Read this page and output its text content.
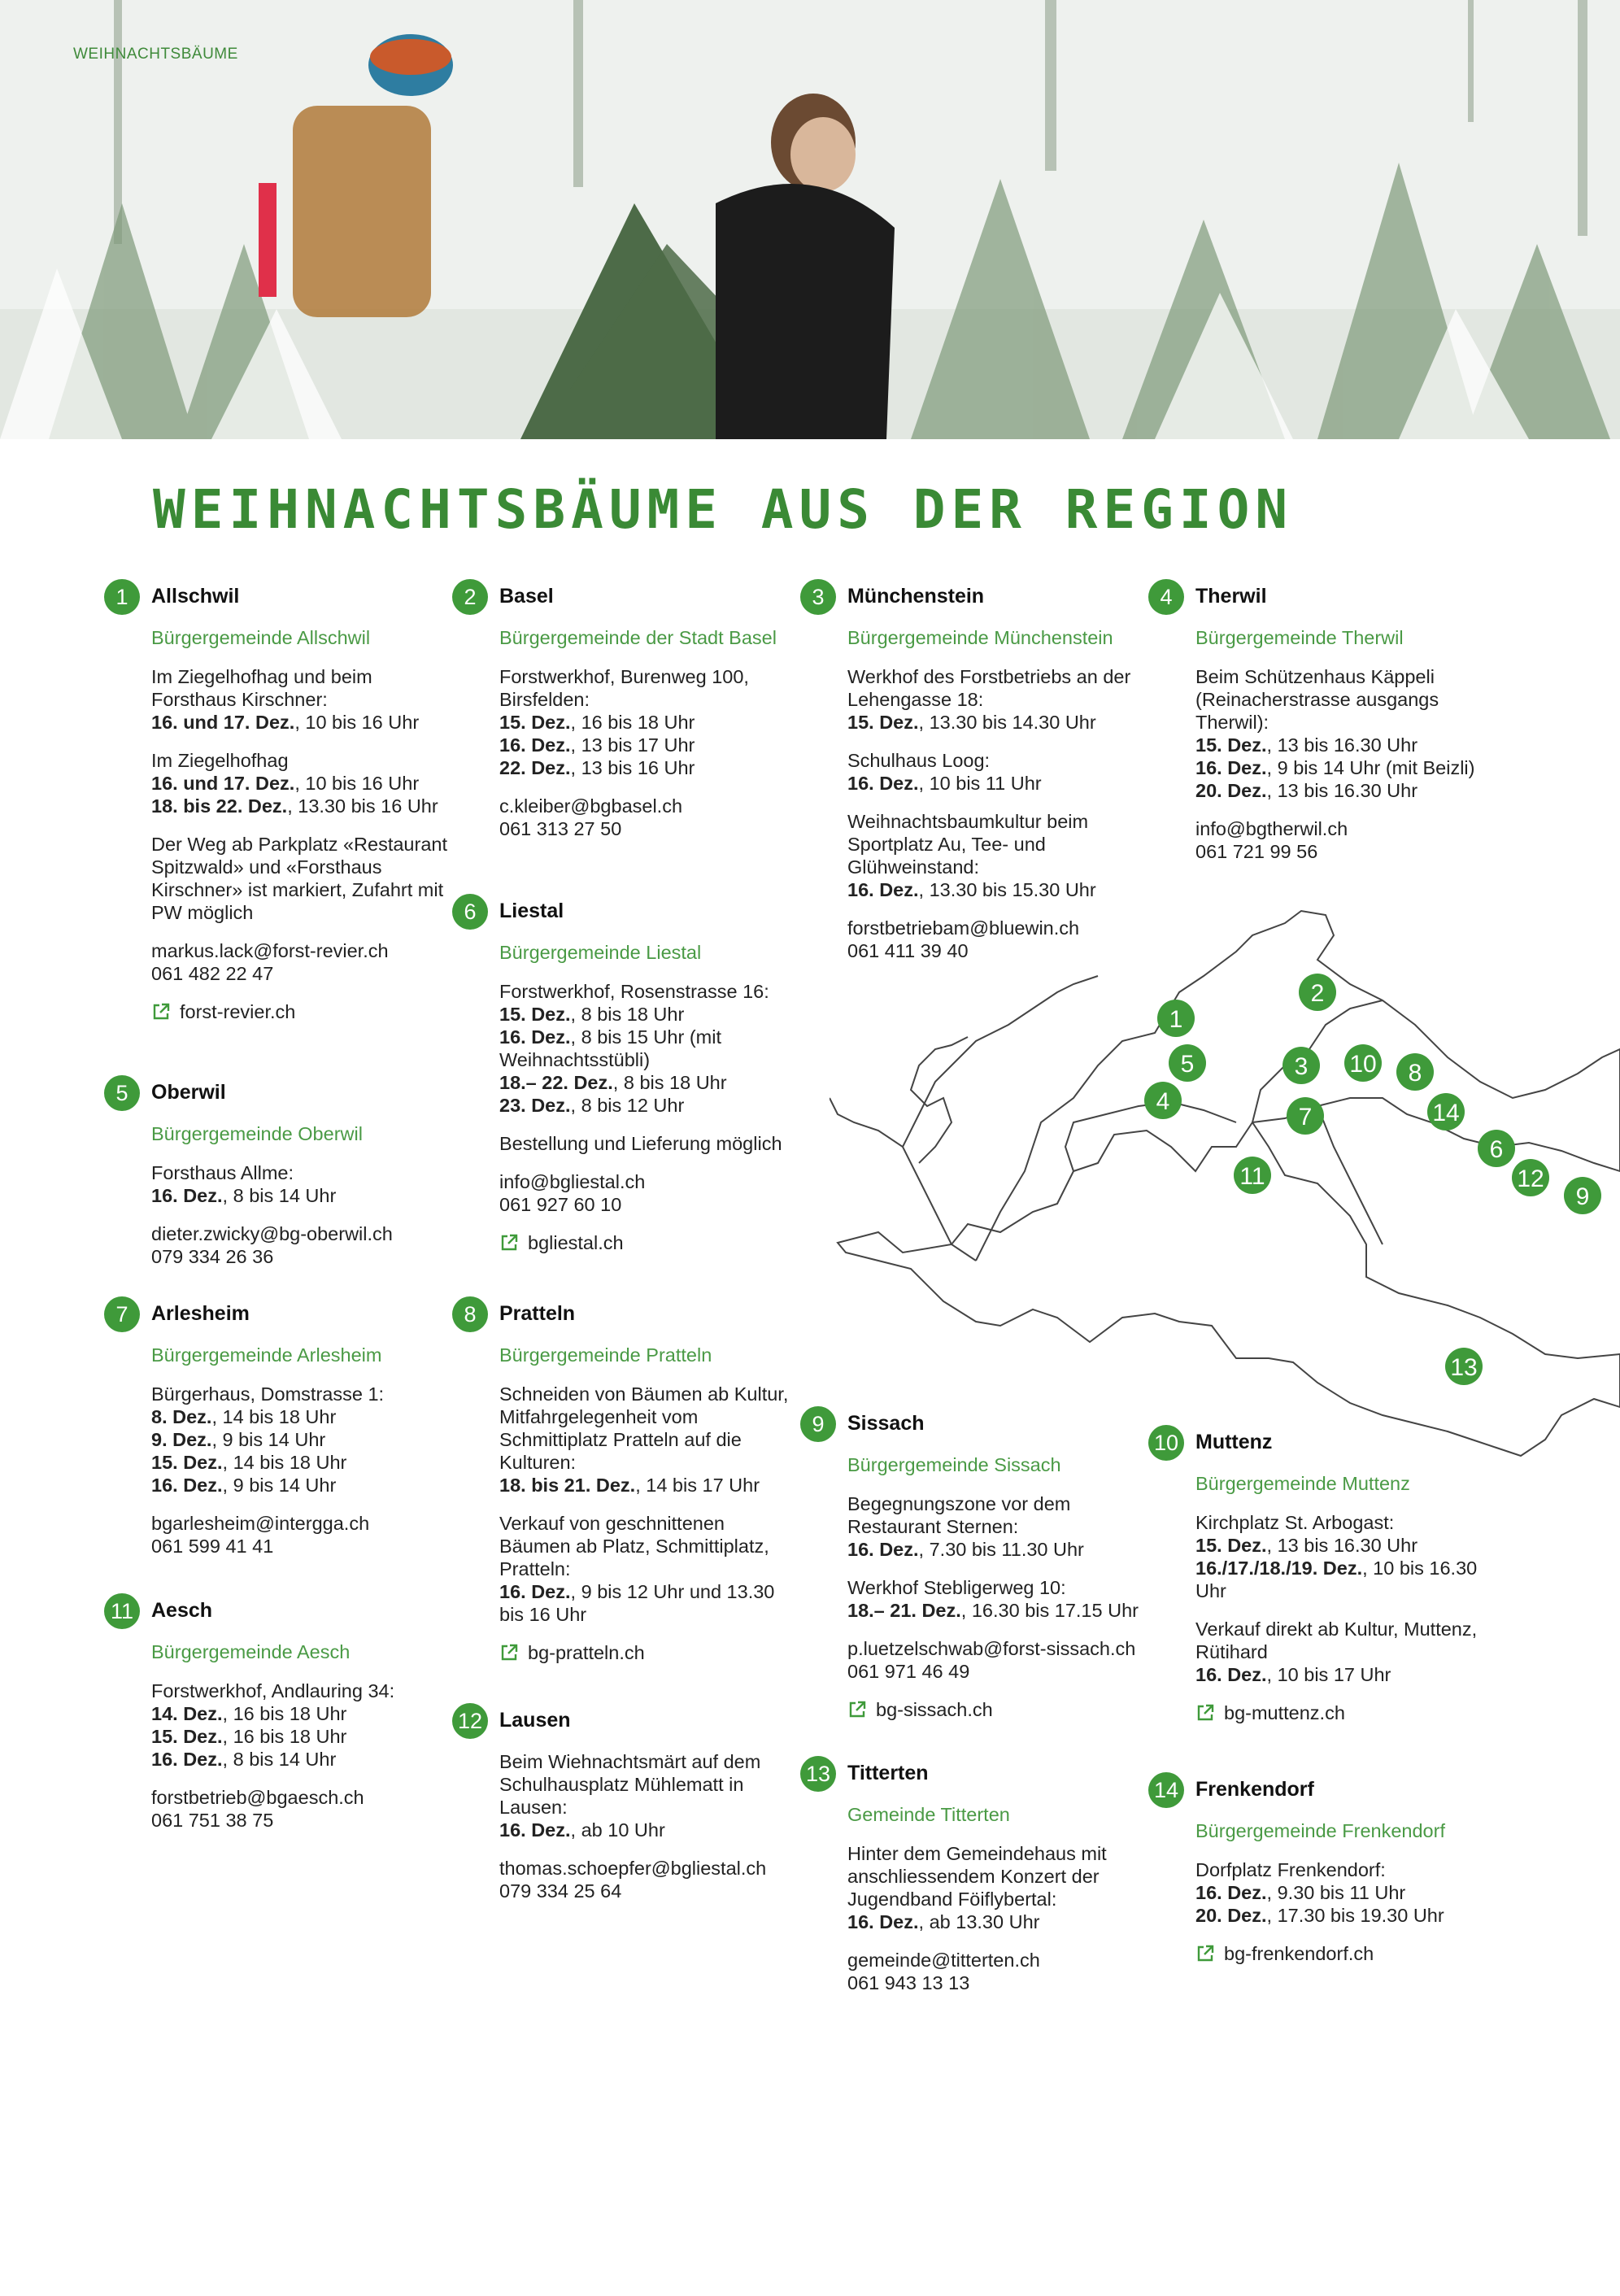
WEIHNACHTSBÄUME
WEIHNACHTSBÄUME AUS DER REGION
1	Allschwil
Bürgergemeinde Allschwil
Im Ziegelhofhag und beim Forsthaus Kirschner:
16. und 17. Dez., 10 bis 16 Uhr
Im Ziegelhofhag
16. und 17. Dez., 10 bis 16 Uhr
18. bis 22. Dez., 13.30 bis 16 Uhr
Der Weg ab Parkplatz «Restaurant Spitzwald» und «Forsthaus Kirschner» ist markiert, Zufahrt mit PW möglich
markus.lack@forst-revier.ch
061 482 22 47
forst-revier.ch
2	Basel
Bürgergemeinde der Stadt Basel
Forstwerkhof, Burenweg 100, Birsfelden:
15. Dez., 16 bis 18 Uhr
16. Dez., 13 bis 17 Uhr
22. Dez., 13 bis 16 Uhr
c.kleiber@bgbasel.ch
061 313 27 50
3	Münchenstein
Bürgergemeinde Münchenstein
Werkhof des Forstbetriebs an der Lehengasse 18:
15. Dez., 13.30 bis 14.30 Uhr
Schulhaus Loog:
16. Dez., 10 bis 11 Uhr
Weihnachtsbaumkultur beim Sportplatz Au, Tee- und Glühweinstand:
16. Dez., 13.30 bis 15.30 Uhr
forstbetriebam@bluewin.ch
061 411 39 40
4	Therwil
Bürgergemeinde Therwil
Beim Schützenhaus Käppeli (Reinacherstrasse ausgangs Therwil):
15. Dez., 13 bis 16.30 Uhr
16. Dez., 9 bis 14 Uhr (mit Beizli)
20. Dez., 13 bis 16.30 Uhr
info@bgtherwil.ch
061 721 99 56
5	Oberwil
Bürgergemeinde Oberwil
Forsthaus Allme:
16. Dez., 8 bis 14 Uhr
dieter.zwicky@bg-oberwil.ch
079 334 26 36
6	Liestal
Bürgergemeinde Liestal
Forstwerkhof, Rosenstrasse 16:
15. Dez., 8 bis 18 Uhr
16. Dez., 8 bis 15 Uhr (mit Weihnachtsstübli)
18.– 22. Dez., 8 bis 18 Uhr
23. Dez., 8 bis 12 Uhr
Bestellung und Lieferung möglich
info@bgliestal.ch
061 927 60 10
bgliestal.ch
7	Arlesheim
Bürgergemeinde Arlesheim
Bürgerhaus, Domstrasse 1:
8. Dez., 14 bis 18 Uhr
9. Dez., 9 bis 14 Uhr
15. Dez., 14 bis 18 Uhr
16. Dez., 9 bis 14 Uhr
bgarlesheim@intergga.ch
061 599 41 41
8	Pratteln
Bürgergemeinde Pratteln
Schneiden von Bäumen ab Kultur, Mitfahrgelegenheit vom Schmittiplatz Pratteln auf die Kulturen:
18. bis 21. Dez., 14 bis 17 Uhr
Verkauf von geschnittenen Bäumen ab Platz, Schmittiplatz, Pratteln:
16. Dez., 9 bis 12 Uhr und 13.30 bis 16 Uhr
bg-pratteln.ch
9	Sissach
Bürgergemeinde Sissach
Begegnungszone vor dem Restaurant Sternen:
16. Dez., 7.30 bis 11.30 Uhr
Werkhof Stebligerweg 10:
18.– 21. Dez., 16.30 bis 17.15 Uhr
p.luetzelschwab@forst-sissach.ch
061 971 46 49
bg-sissach.ch
10 Muttenz
Bürgergemeinde Muttenz
Kirchplatz St. Arbogast:
15. Dez., 13 bis 16.30 Uhr
16./17./18./19. Dez., 10 bis 16.30 Uhr
Verkauf direkt ab Kultur, Muttenz, Rütihard
16. Dez., 10 bis 17 Uhr
bg-muttenz.ch
11 Aesch
Bürgergemeinde Aesch
Forstwerkhof, Andlauring 34:
14. Dez., 16 bis 18 Uhr
15. Dez., 16 bis 18 Uhr
16. Dez., 8 bis 14 Uhr
forstbetrieb@bgaesch.ch
061 751 38 75
12 Lausen
Beim Wiehnachtsmärt auf dem Schulhausplatz Mühlematt in Lausen:
16. Dez., ab 10 Uhr
thomas.schoepfer@bgliestal.ch
079 334 25 64
13 Titterten
Gemeinde Titterten
Hinter dem Gemeindehaus mit anschliessendem Konzert der Jugendband Föiflybertal:
16. Dez., ab 13.30 Uhr
gemeinde@titterten.ch
061 943 13 13
14 Frenkendorf
Bürgergemeinde Frenkendorf
Dorfplatz Frenkendorf:
16. Dez., 9.30 bis 11 Uhr
20. Dez., 17.30 bis 19.30 Uhr
bg-frenkendorf.ch
1
2
3
4
5
6
7
8
9
10
11	12
13
14
